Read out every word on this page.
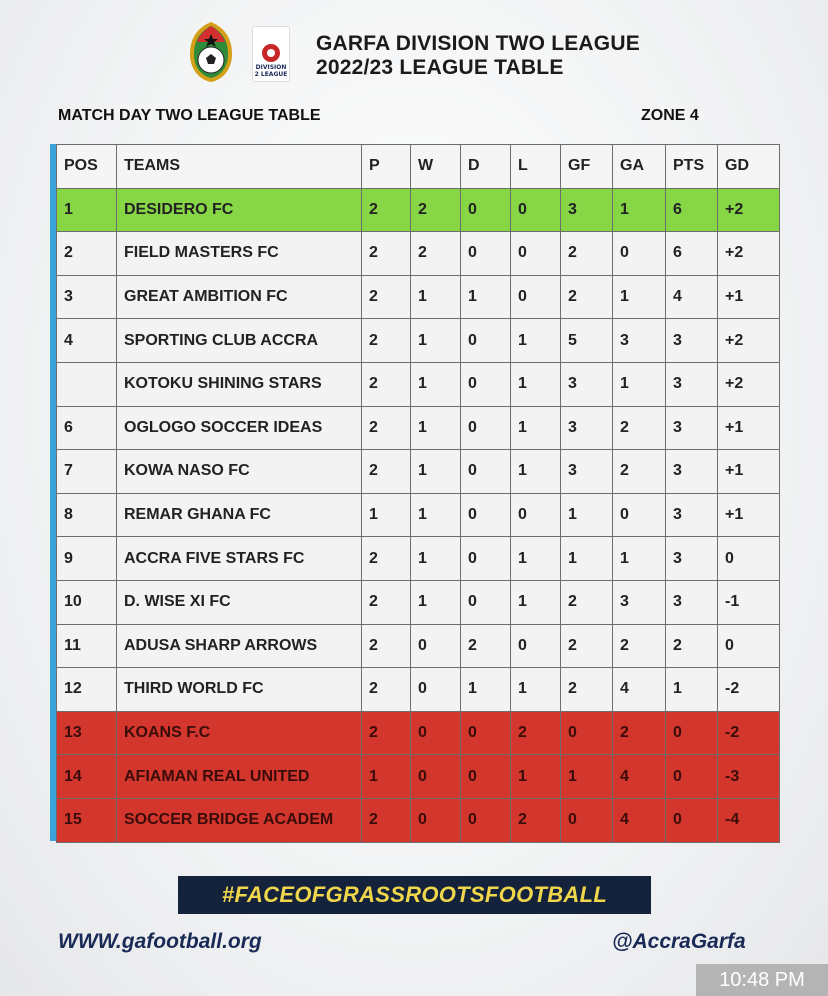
DIVISION 2 LEAGUE
GARFA DIVISION TWO LEAGUE
2022/23 LEAGUE TABLE
MATCH DAY TWO LEAGUE TABLE	ZONE 4
POS	TEAMS	P	W	D	L	GF	GA	PTS	GD
1	DESIDERO FC	2	2	0	0	3	1	6	+2
2	FIELD MASTERS FC	2	2	0	0	2	0	6	+2
3	GREAT AMBITION FC	2	1	1	0	2	1	4	+1
4	SPORTING CLUB ACCRA	2	1	0	1	5	3	3	+2
	KOTOKU SHINING STARS	2	1	0	1	3	1	3	+2
6	OGLOGO SOCCER IDEAS	2	1	0	1	3	2	3	+1
7	KOWA NASO FC	2	1	0	1	3	2	3	+1
8	REMAR GHANA FC	1	1	0	0	1	0	3	+1
9	ACCRA FIVE STARS FC	2	1	0	1	1	1	3	0
10	D. WISE XI FC	2	1	0	1	2	3	3	-1
11	ADUSA SHARP ARROWS	2	0	2	0	2	2	2	0
12	THIRD WORLD FC	2	0	1	1	2	4	1	-2
13	KOANS F.C	2	0	0	2	0	2	0	-2
14	AFIAMAN REAL UNITED	1	0	0	1	1	4	0	-3
15	SOCCER BRIDGE ACADEM	2	0	0	2	0	4	0	-4
#FACEOFGRASSROOTSFOOTBALL
WWW.gafootball.org	@AccraGarfa
10:48 PM
